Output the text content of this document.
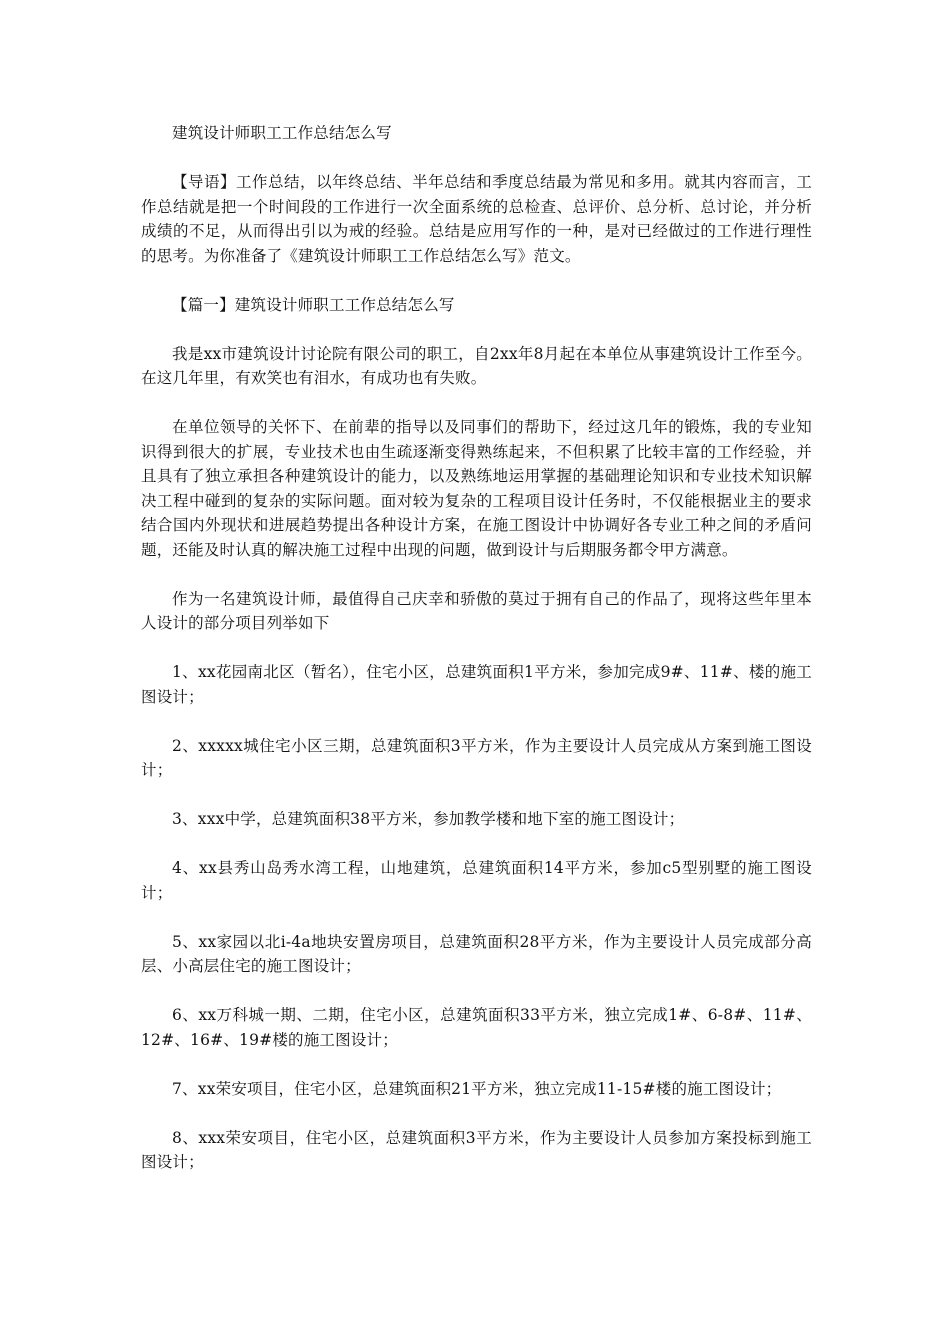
建筑设计师职工工作总结怎么写

【导语】工作总结，以年终总结、半年总结和季度总结最为常见和多用。就其内容而言，工作总结就是把一个时间段的工作进行一次全面系统的总检查、总评价、总分析、总讨论，并分析成绩的不足，从而得出引以为戒的经验。总结是应用写作的一种，是对已经做过的工作进行理性的思考。为你准备了《建筑设计师职工工作总结怎么写》范文。

【篇一】建筑设计师职工工作总结怎么写

我是xx市建筑设计讨论院有限公司的职工，自2xx年8月起在本单位从事建筑设计工作至今。在这几年里，有欢笑也有泪水，有成功也有失败。

在单位领导的关怀下、在前辈的指导以及同事们的帮助下，经过这几年的锻炼，我的专业知识得到很大的扩展，专业技术也由生疏逐渐变得熟练起来，不但积累了比较丰富的工作经验，并且具有了独立承担各种建筑设计的能力，以及熟练地运用掌握的基础理论知识和专业技术知识解决工程中碰到的复杂的实际问题。面对较为复杂的工程项目设计任务时，不仅能根据业主的要求结合国内外现状和进展趋势提出各种设计方案，在施工图设计中协调好各专业工种之间的矛盾问题，还能及时认真的解决施工过程中出现的问题，做到设计与后期服务都令甲方满意。

作为一名建筑设计师，最值得自己庆幸和骄傲的莫过于拥有自己的作品了，现将这些年里本人设计的部分项目列举如下

1、xx花园南北区（暂名），住宅小区，总建筑面积1平方米，参加完成9#、11#、楼的施工图设计；

2、xxxxx城住宅小区三期，总建筑面积3平方米，作为主要设计人员完成从方案到施工图设计；

3、xxx中学，总建筑面积38平方米，参加教学楼和地下室的施工图设计；

4、xx县秀山岛秀水湾工程，山地建筑，总建筑面积14平方米，参加c5型别墅的施工图设计；

5、xx家园以北i-4a地块安置房项目，总建筑面积28平方米，作为主要设计人员完成部分高层、小高层住宅的施工图设计；

6、xx万科城一期、二期，住宅小区，总建筑面积33平方米，独立完成1#、6-8#、11#、12#、16#、19#楼的施工图设计；

7、xx荣安项目，住宅小区，总建筑面积21平方米，独立完成11-15#楼的施工图设计；

8、xxx荣安项目，住宅小区，总建筑面积3平方米，作为主要设计人员参加方案投标到施工图设计；
